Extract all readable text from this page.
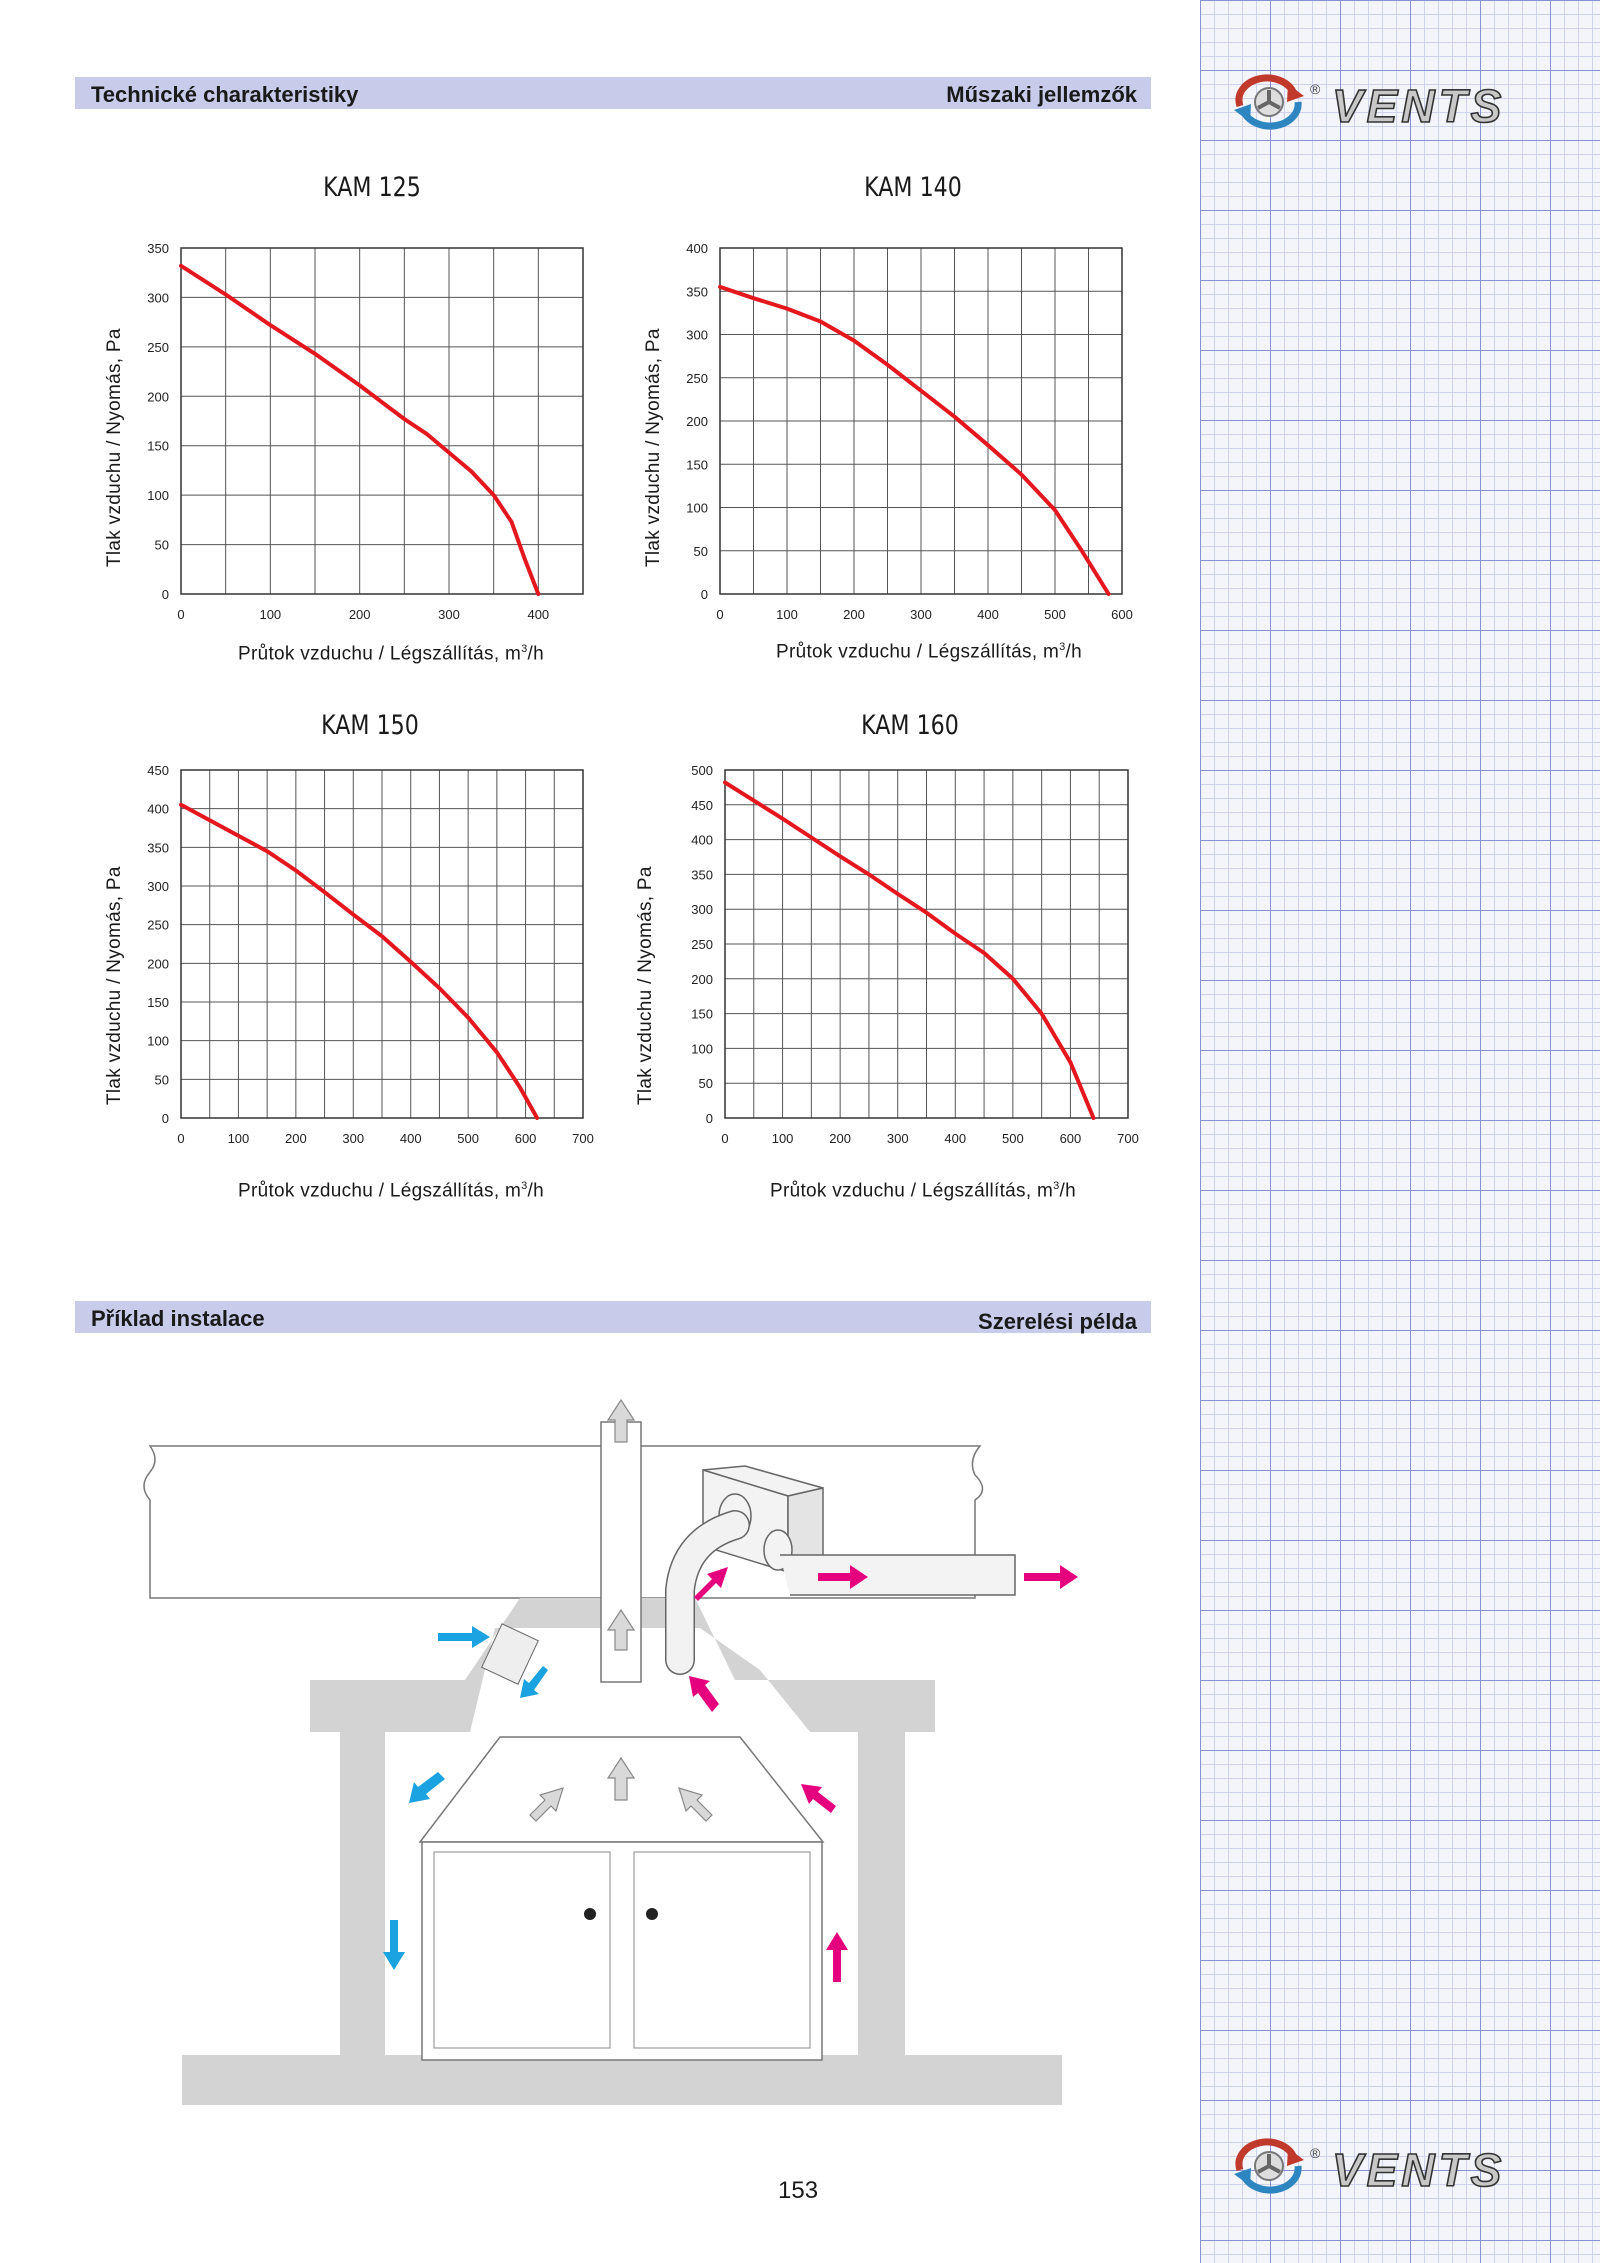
® VENTS
® VENTS
Technické charakteristiky	Műszaki jellemzők
Příklad instalace	Szerelési példa
KAM 125	KAM 140
KAM 150	KAM 160
Tlak vzduchu / Nyomás, Pa	Tlak vzduchu / Nyomás, Pa
Tlak vzduchu / Nyomás, Pa	Tlak vzduchu / Nyomás, Pa
Průtok vzduchu / Légszállítás, $m^3/h$	Průtok vzduchu / Légszállítás, $m^3/h$
Průtok vzduchu / Légszállítás, $m^3/h$	Průtok vzduchu / Légszállítás, $m^3/h$
0
50
100
150
200
250
300
350
0	100	200	300	400
0
50
100
150
200
250
300
350
400
0	100	200	300	400	500	600
0
50
100
150
200
250
300
350
400
450
0	100	200	300	400	500	600	700
0
50
100
150
200
250
300
350
400
450
500
0	100	200	300	400	500	600	700
153
